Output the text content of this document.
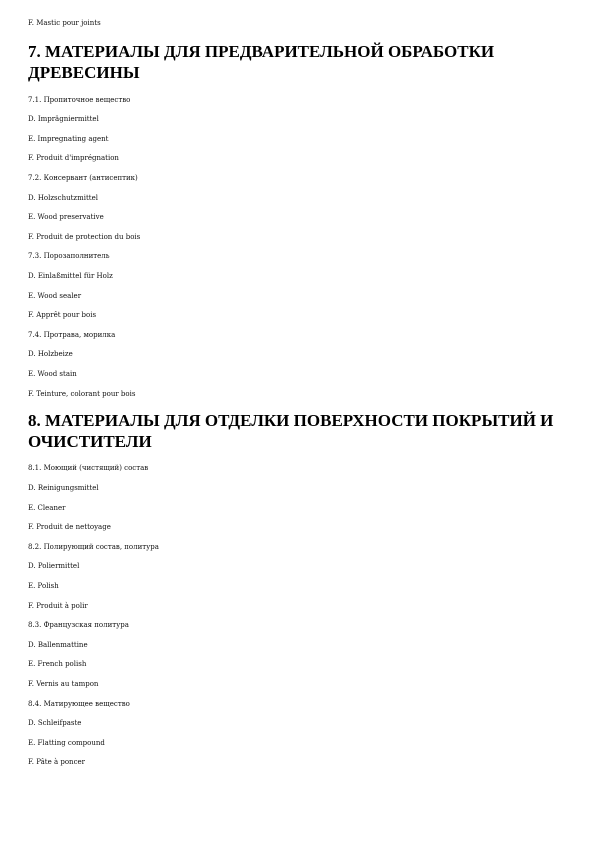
F. Mastic pour joints
7. МАТЕРИАЛЫ ДЛЯ ПРЕДВАРИТЕЛЬНОЙ ОБРАБОТКИ
ДРЕВЕСИНЫ
7.1. Пропиточное вещество
D. Imprägniermittel
E. Impregnating agent
F. Produit d'imprégnation
7.2. Консервант (антисептик)
D. Holzschutzmittel
E. Wood preservative
F. Produit de protection du bois
7.3. Порозаполнитель
D. Einlaßmittel für Holz
E. Wood sealer
F. Apprêt pour bois
7.4. Протрава, морилка
D. Holzbeize
E. Wood stain
F. Teinture, colorant pour bois
8. МАТЕРИАЛЫ ДЛЯ ОТДЕЛКИ ПОВЕРХНОСТИ ПОКРЫТИЙ И
ОЧИСТИТЕЛИ
8.1. Моющий (чистящий) состав
D. Reinigungsmittel
E. Cleaner
F. Produit de nettoyage
8.2. Полирующий состав, политура
D. Poliermittel
E. Polish
F. Produit à polir
8.3. Французская политура
D. Ballenmattine
E. French polish
F. Vernis au tampon
8.4. Матирующее вещество
D. Schleifpaste
E. Flatting compound
F. Pâte à poncer
